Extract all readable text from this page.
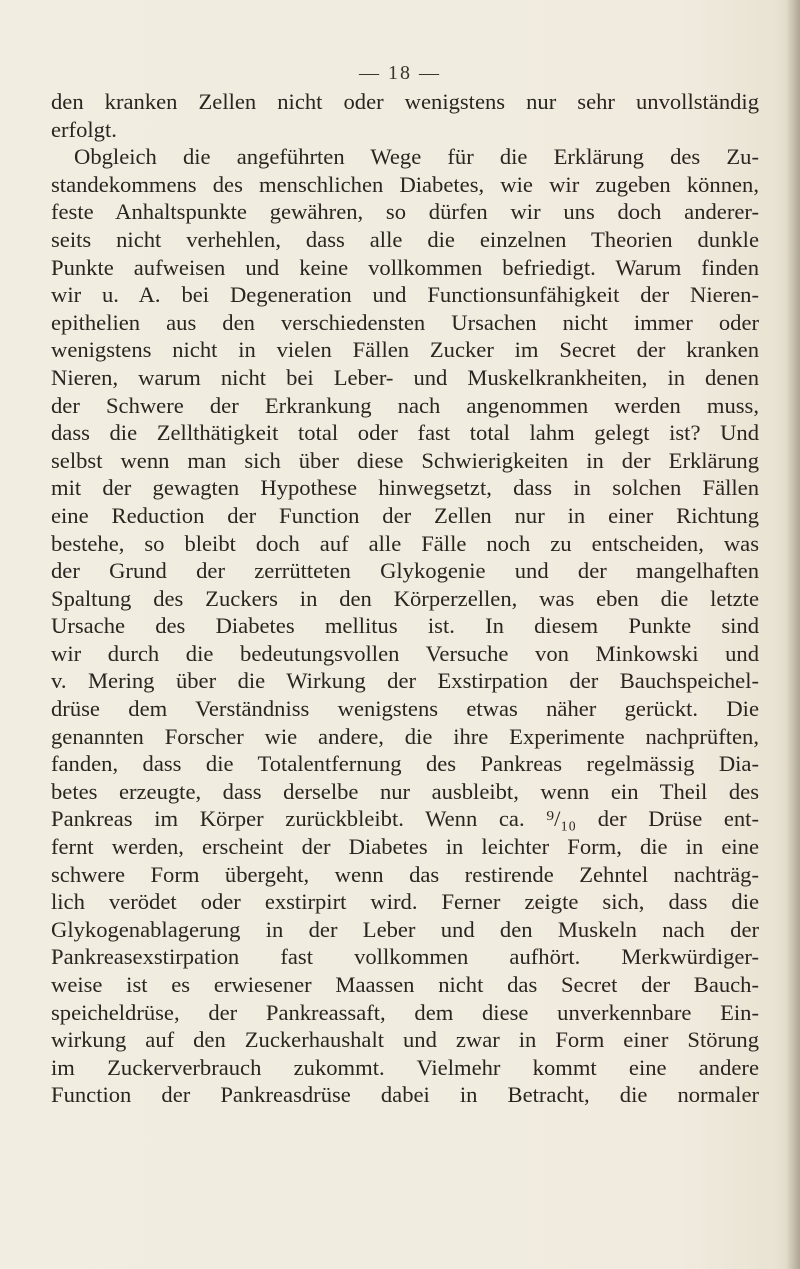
— 18 —
den kranken Zellen nicht oder wenigstens nur sehr unvollständig
erfolgt.
Obgleich die angeführten Wege für die Erklärung des Zu-
standekommens des menschlichen Diabetes, wie wir zugeben können,
feste Anhaltspunkte gewähren, so dürfen wir uns doch anderer-
seits nicht verhehlen, dass alle die einzelnen Theorien dunkle
Punkte aufweisen und keine vollkommen befriedigt. Warum finden
wir u. A. bei Degeneration und Functionsunfähigkeit der Nieren-
epithelien aus den verschiedensten Ursachen nicht immer oder
wenigstens nicht in vielen Fällen Zucker im Secret der kranken
Nieren, warum nicht bei Leber- und Muskelkrankheiten, in denen
der Schwere der Erkrankung nach angenommen werden muss,
dass die Zellthätigkeit total oder fast total lahm gelegt ist? Und
selbst wenn man sich über diese Schwierigkeiten in der Erklärung
mit der gewagten Hypothese hinwegsetzt, dass in solchen Fällen
eine Reduction der Function der Zellen nur in einer Richtung
bestehe, so bleibt doch auf alle Fälle noch zu entscheiden, was
der Grund der zerrütteten Glykogenie und der mangelhaften
Spaltung des Zuckers in den Körperzellen, was eben die letzte
Ursache des Diabetes mellitus ist. In diesem Punkte sind
wir durch die bedeutungsvollen Versuche von Minkowski und
v. Mering über die Wirkung der Exstirpation der Bauchspeichel-
drüse dem Verständniss wenigstens etwas näher gerückt. Die
genannten Forscher wie andere, die ihre Experimente nachprüften,
fanden, dass die Totalentfernung des Pankreas regelmässig Dia-
betes erzeugte, dass derselbe nur ausbleibt, wenn ein Theil des
Pankreas im Körper zurückbleibt. Wenn ca. ⁹/₁₀ der Drüse ent-
fernt werden, erscheint der Diabetes in leichter Form, die in eine
schwere Form übergeht, wenn das restirende Zehntel nachträg-
lich verödet oder exstirpirt wird. Ferner zeigte sich, dass die
Glykogenablagerung in der Leber und den Muskeln nach der
Pankreasexstirpation fast vollkommen aufhört. Merkwürdiger-
weise ist es erwiesener Maassen nicht das Secret der Bauch-
speicheldrüse, der Pankreassaft, dem diese unverkennbare Ein-
wirkung auf den Zuckerhaushalt und zwar in Form einer Störung
im Zuckerverbrauch zukommt. Vielmehr kommt eine andere
Function der Pankreasdrüse dabei in Betracht, die normaler
